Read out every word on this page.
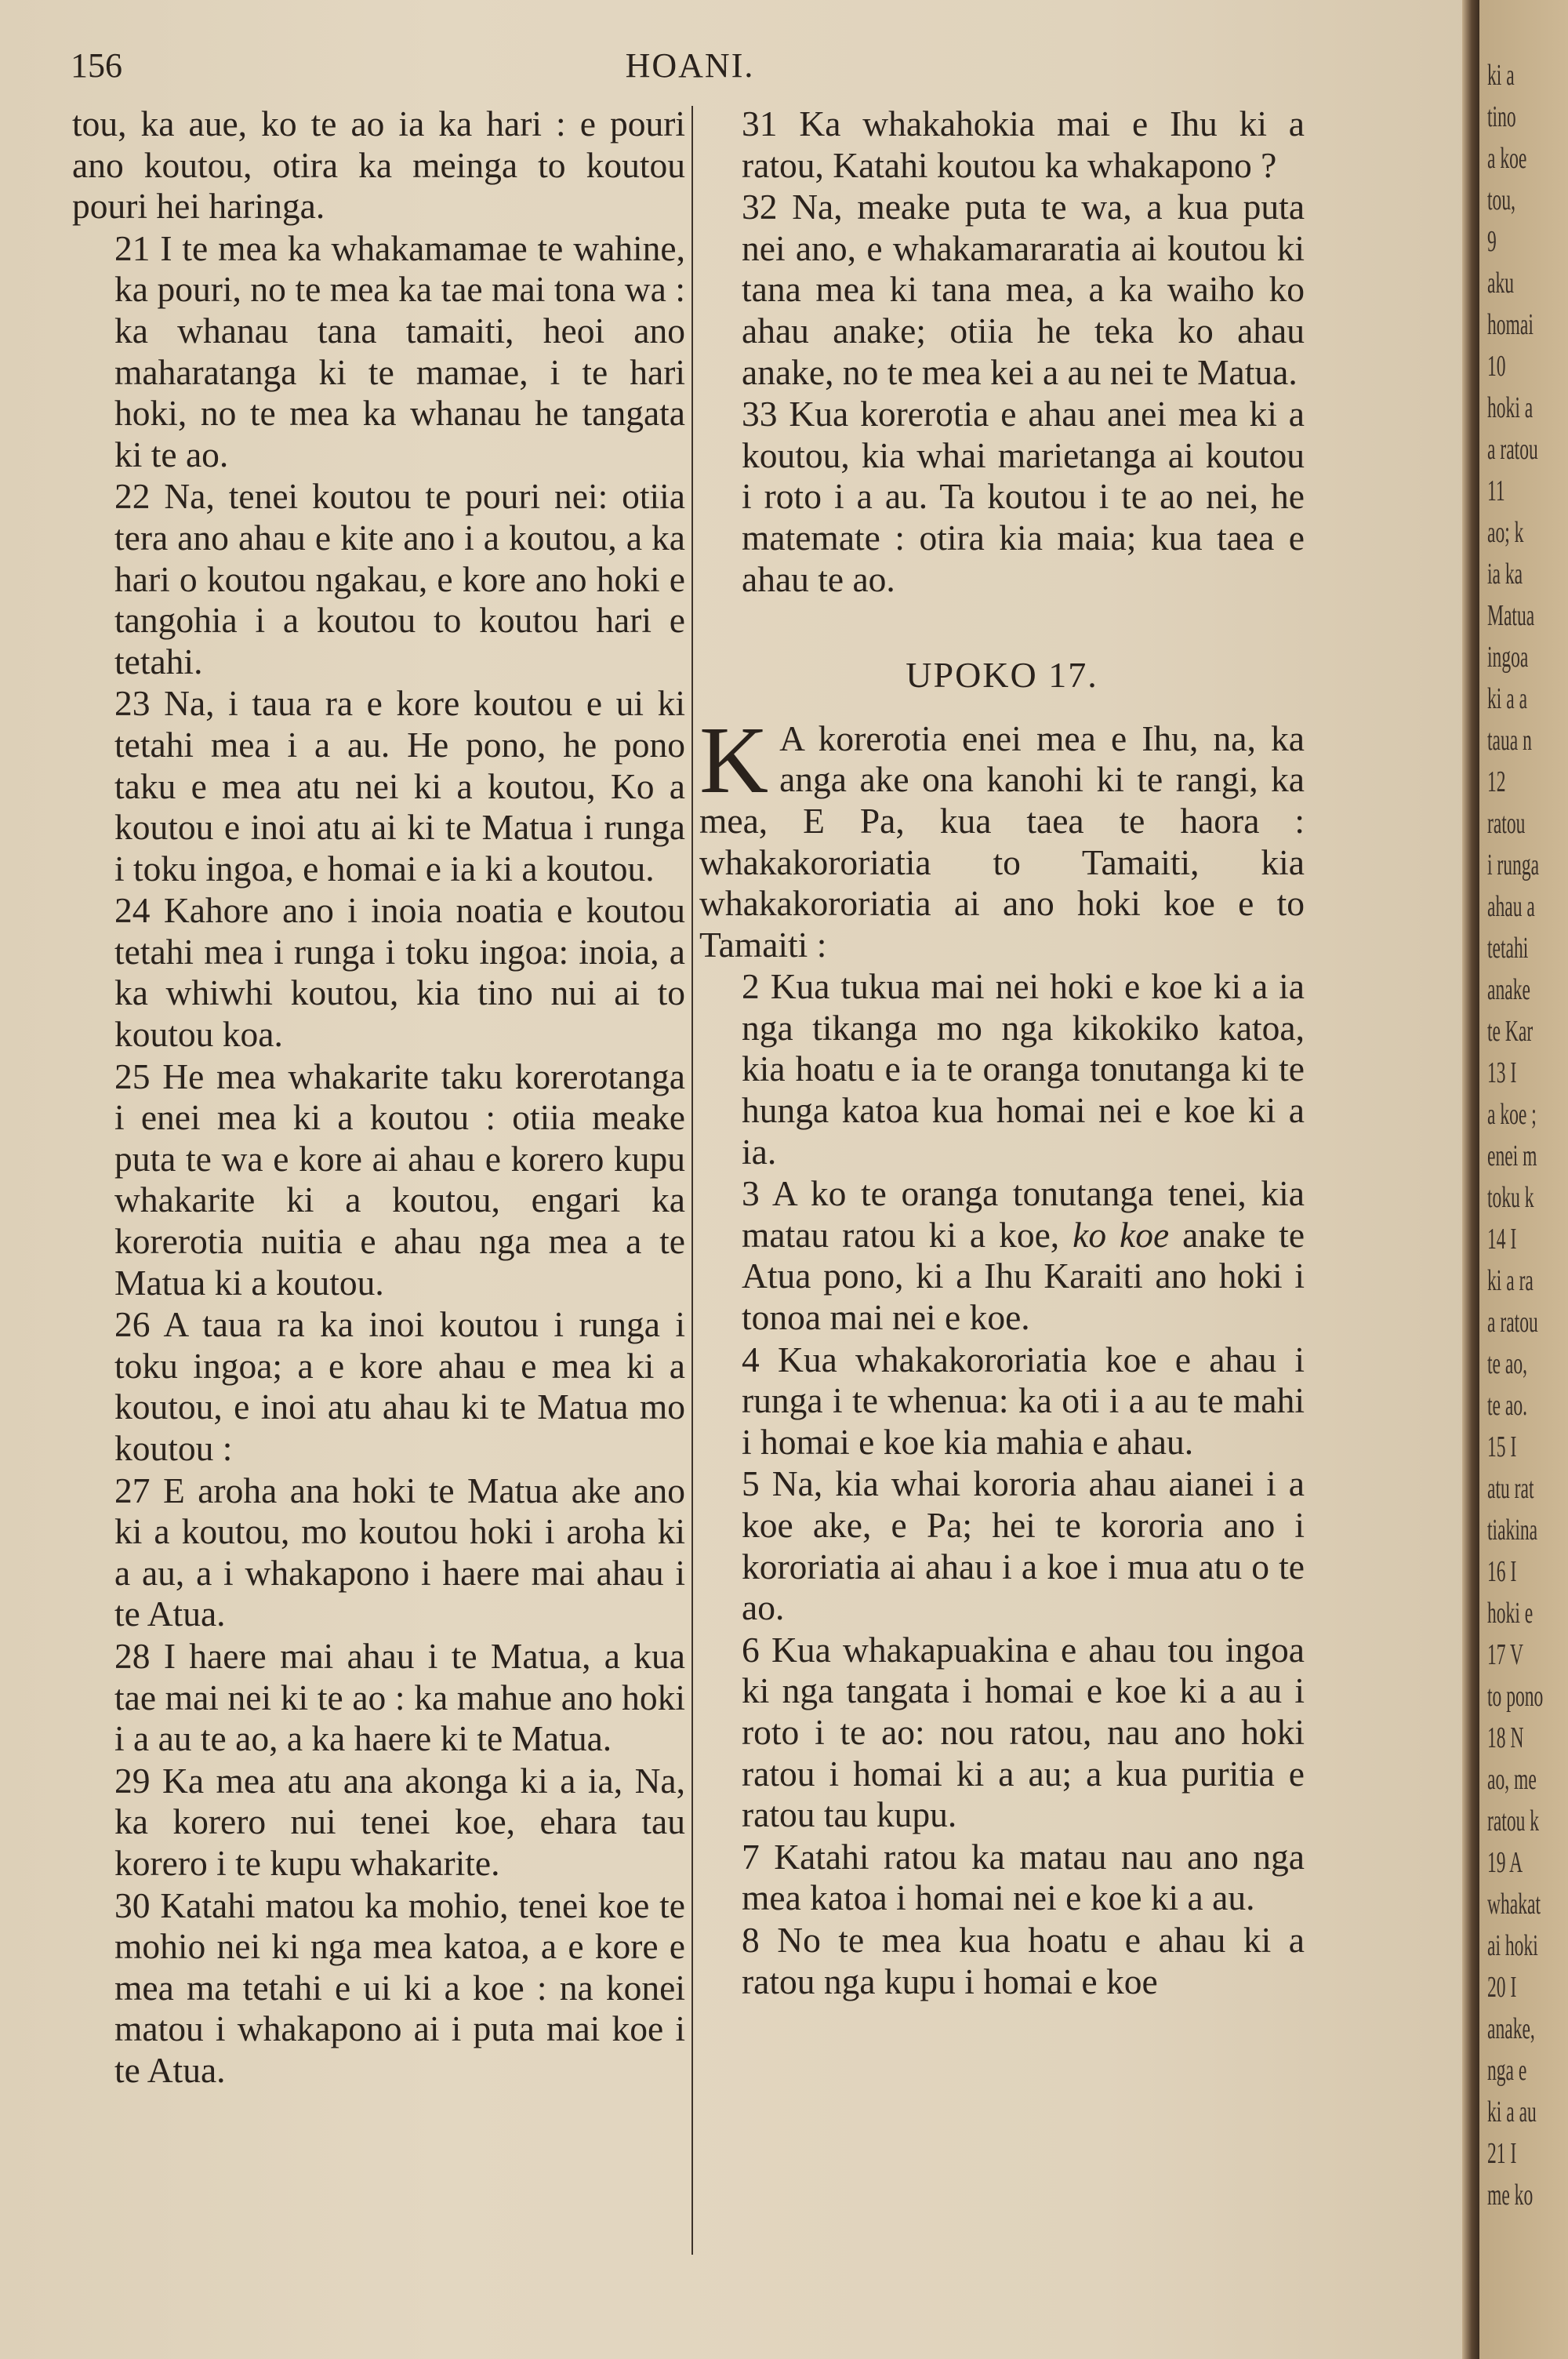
156	HOANI.

tou, ka aue, ko te ao ia ka hari : e pouri ano koutou, otira ka meinga to koutou pouri hei haringa.

21 I te mea ka whakamamae te wahine, ka pouri, no te mea ka tae mai tona wa : ka whanau tana tamaiti, heoi ano maharatanga ki te mamae, i te hari hoki, no te mea ka whanau he tangata ki te ao.

22 Na, tenei koutou te pouri nei: otiia tera ano ahau e kite ano i a koutou, a ka hari o koutou ngakau, e kore ano hoki e tangohia i a koutou to koutou hari e tetahi.

23 Na, i taua ra e kore koutou e ui ki tetahi mea i a au. He pono, he pono taku e mea atu nei ki a koutou, Ko a koutou e inoi atu ai ki te Matua i runga i toku ingoa, e homai e ia ki a koutou.

24 Kahore ano i inoia noatia e koutou tetahi mea i runga i toku ingoa: inoia, a ka whiwhi koutou, kia tino nui ai to koutou koa.

25 He mea whakarite taku korerotanga i enei mea ki a koutou : otiia meake puta te wa e kore ai ahau e korero kupu whakarite ki a koutou, engari ka korerotia nuitia e ahau nga mea a te Matua ki a koutou.

26 A taua ra ka inoi koutou i runga i toku ingoa; a e kore ahau e mea ki a koutou, e inoi atu ahau ki te Matua mo koutou :

27 E aroha ana hoki te Matua ake ano ki a koutou, mo koutou hoki i aroha ki a au, a i whakapono i haere mai ahau i te Atua.

28 I haere mai ahau i te Matua, a kua tae mai nei ki te ao : ka mahue ano hoki i a au te ao, a ka haere ki te Matua.

29 Ka mea atu ana akonga ki a ia, Na, ka korero nui tenei koe, ehara tau korero i te kupu whakarite.

30 Katahi matou ka mohio, tenei koe te mohio nei ki nga mea katoa, a e kore e mea ma tetahi e ui ki a koe : na konei matou i whakapono ai i puta mai koe i te Atua.

31 Ka whakahokia mai e Ihu ki a ratou, Katahi koutou ka whakapono ?

32 Na, meake puta te wa, a kua puta nei ano, e whakamararatia ai koutou ki tana mea ki tana mea, a ka waiho ko ahau anake; otiia he teka ko ahau anake, no te mea kei a au nei te Matua.

33 Kua korerotia e ahau anei mea ki a koutou, kia whai marietanga ai koutou i roto i a au. Ta koutou i te ao nei, he matemate : otira kia maia; kua taea e ahau te ao.

UPOKO 17.

K A korerotia enei mea e Ihu, na, ka anga ake ona kanohi ki te rangi, ka mea, E Pa, kua taea te haora : whakakororiatia to Tamaiti, kia whakakororiatia ai ano hoki koe e to Tamaiti :

2 Kua tukua mai nei hoki e koe ki a ia nga tikanga mo nga kikokiko katoa, kia hoatu e ia te oranga tonutanga ki te hunga katoa kua homai nei e koe ki a ia.

3 A ko te oranga tonutanga tenei, kia matau ratou ki a koe, ko koe anake te Atua pono, ki a Ihu Karaiti ano hoki i tonoa mai nei e koe.

4 Kua whakakororiatia koe e ahau i runga i te whenua: ka oti i a au te mahi i homai e koe kia mahia e ahau.

5 Na, kia whai kororia ahau aianei i a koe ake, e Pa; hei te kororia ano i kororiatia ai ahau i a koe i mua atu o te ao.

6 Kua whakapuakina e ahau tou ingoa ki nga tangata i homai e koe ki a au i roto i te ao: nou ratou, nau ano hoki ratou i homai ki a au; a kua puritia e ratou tau kupu.

7 Katahi ratou ka matau nau ano nga mea katoa i homai nei e koe ki a au.

8 No te mea kua hoatu e ahau ki a ratou nga kupu i homai e koe

ki a
tino
a koe
tou,
9
aku
homai
10
hoki a
a ratou
11
ao; k
ia ka
Matua
ingoa
ki a a
taua n
12
ratou
i runga
ahau a
tetahi
anake
te Kar
13 I
a koe ;
enei m
toku k
14 I
ki a ra
a ratou
te ao,
te ao.
15 I
atu rat
tiakina
16 I
hoki e
17 V
to pono
18 N
ao, me
ratou k
19 A
whakat
ai hoki
20 I
anake,
nga e
ki a au
21 I
me ko
